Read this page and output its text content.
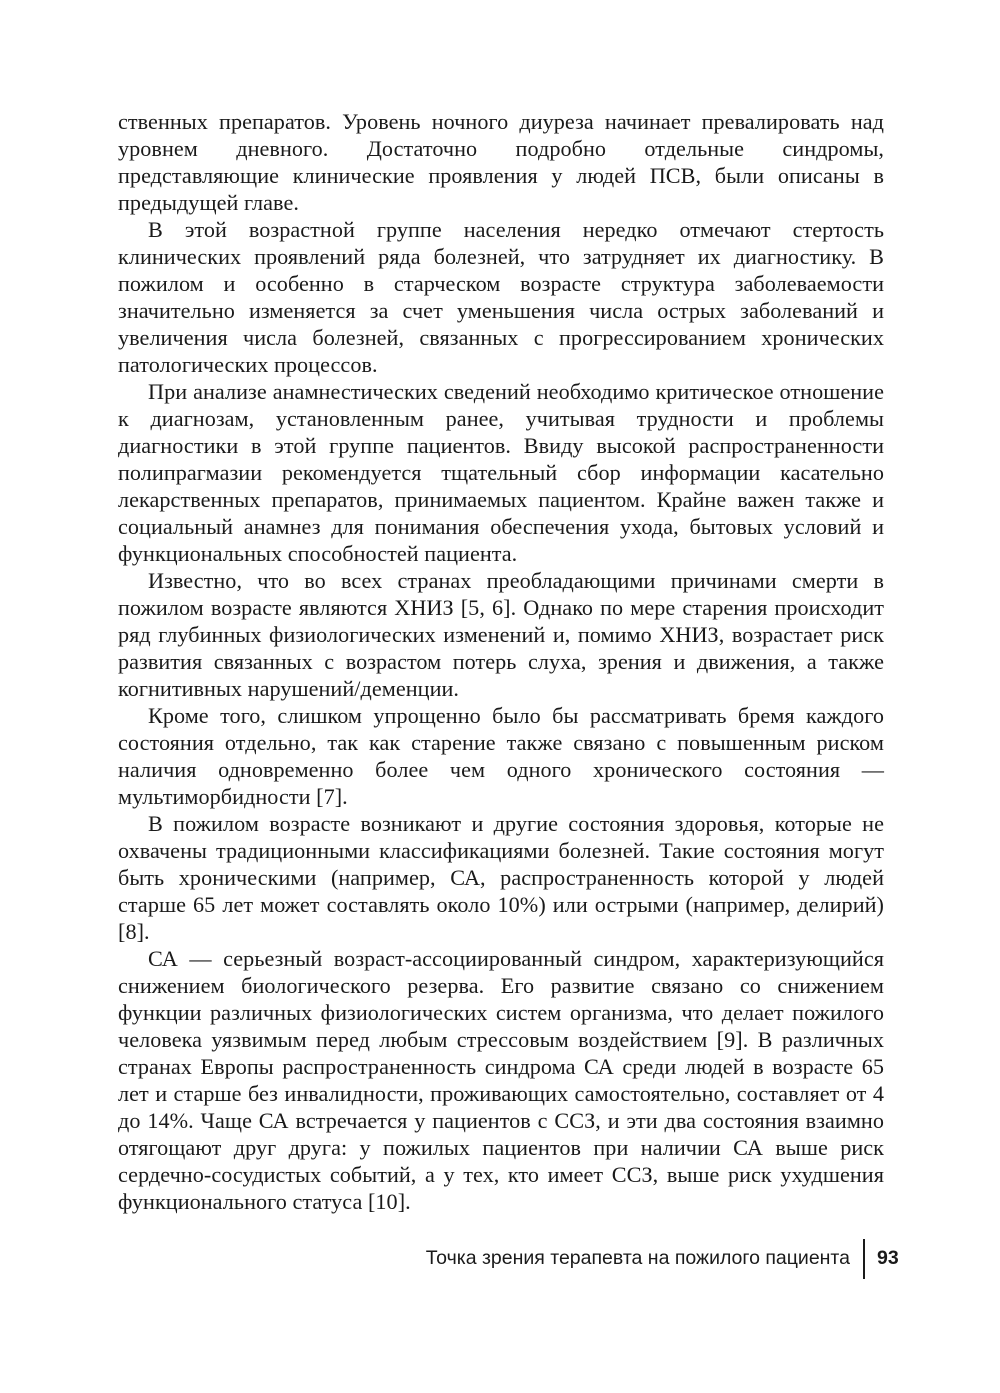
ственных препаратов. Уровень ночного диуреза начинает превалировать над уровнем дневного. Достаточно подробно отдельные синдромы, представляющие клинические проявления у людей ПСВ, были описаны в предыдущей главе.

В этой возрастной группе населения нередко отмечают стертость клинических проявлений ряда болезней, что затрудняет их диагностику. В пожилом и особенно в старческом возрасте структура заболеваемости значительно изменяется за счет уменьшения числа острых заболеваний и увеличения числа болезней, связанных с прогрессированием хронических патологических процессов.

При анализе анамнестических сведений необходимо критическое отношение к диагнозам, установленным ранее, учитывая трудности и проблемы диагностики в этой группе пациентов. Ввиду высокой распространенности полипрагмазии рекомендуется тщательный сбор информации касательно лекарственных препаратов, принимаемых пациентом. Крайне важен также и социальный анамнез для понимания обеспечения ухода, бытовых условий и функциональных способностей пациента.

Известно, что во всех странах преобладающими причинами смерти в пожилом возрасте являются ХНИЗ [5, 6]. Однако по мере старения происходит ряд глубинных физиологических изменений и, помимо ХНИЗ, возрастает риск развития связанных с возрастом потерь слуха, зрения и движения, а также когнитивных нарушений/деменции.

Кроме того, слишком упрощенно было бы рассматривать бремя каждого состояния отдельно, так как старение также связано с повышенным риском наличия одновременно более чем одного хронического состояния — мультиморбидности [7].

В пожилом возрасте возникают и другие состояния здоровья, которые не охвачены традиционными классификациями болезней. Такие состояния могут быть хроническими (например, СА, распространенность которой у людей старше 65 лет может составлять около 10%) или острыми (например, делирий) [8].

СА — серьезный возраст-ассоциированный синдром, характеризующийся снижением биологического резерва. Его развитие связано со снижением функции различных физиологических систем организма, что делает пожилого человека уязвимым перед любым стрессовым воздействием [9]. В различных странах Европы распространенность синдрома СА среди людей в возрасте 65 лет и старше без инвалидности, проживающих самостоятельно, составляет от 4 до 14%. Чаще СА встречается у пациентов с ССЗ, и эти два состояния взаимно отягощают друг друга: у пожилых пациентов при наличии СА выше риск сердечно-сосудистых событий, а у тех, кто имеет ССЗ, выше риск ухудшения функционального статуса [10].

Точка зрения терапевта на пожилого пациента 93
